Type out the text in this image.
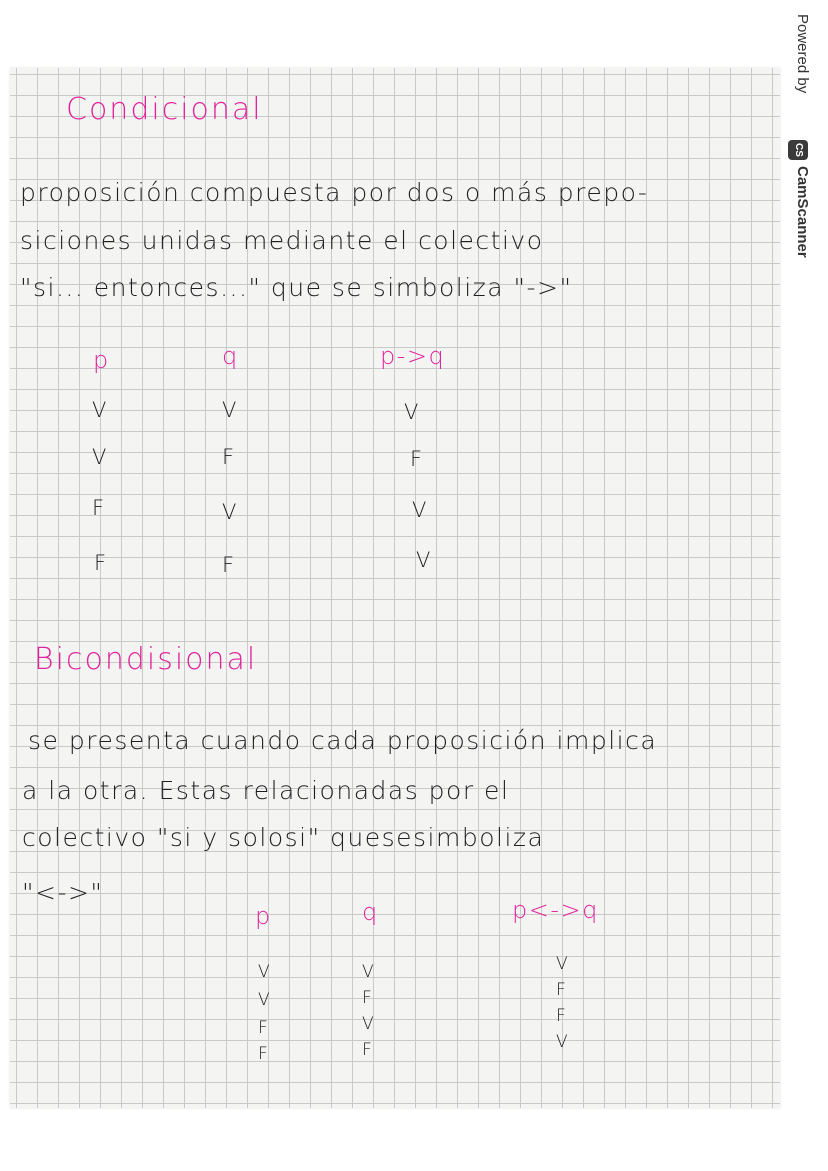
Powered by
CS
CamScanner
Condicional
proposición compuesta por dos o más prepo-
siciones unidas mediante el colectivo
"si... entonces..." que se simboliza "->"
p	q	p->q
V	V	V
V	F	F
F	V	V
F	F	V
Bicondisional
se presenta cuando cada proposición implica
a la otra. Estas relacionadas por el
colectivo "si y solosi" quesesimboliza
"<->"
p	q	p<->q
V	V	V
V	F	F
F	V	F
F	F	V
